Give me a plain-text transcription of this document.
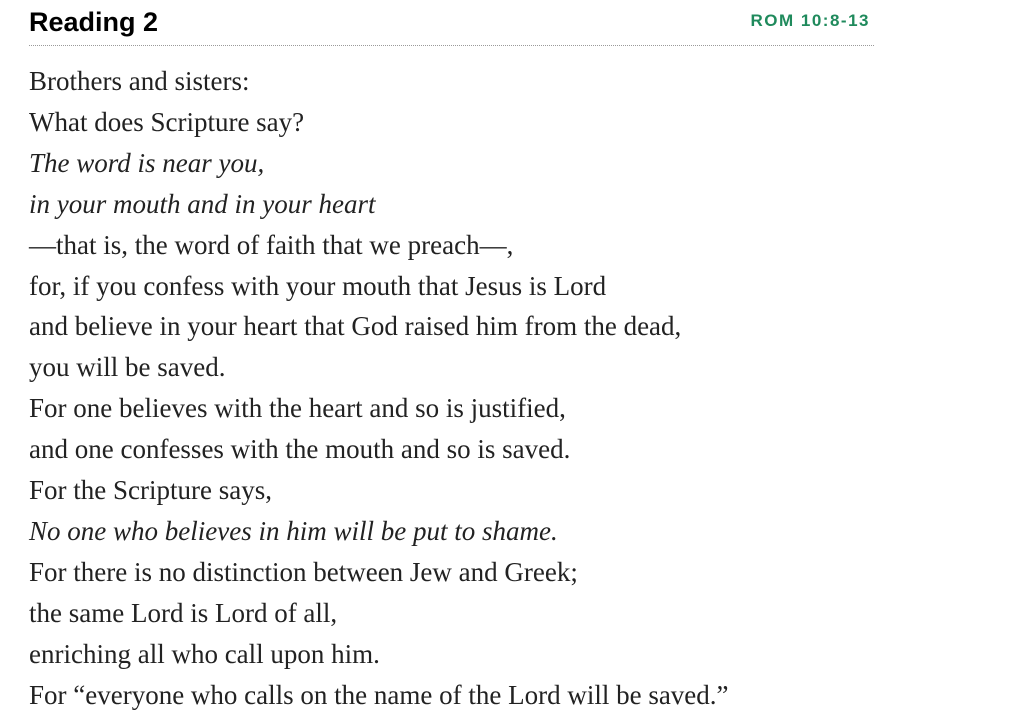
Reading 2	ROM 10:8-13
Brothers and sisters:
What does Scripture say?
The word is near you,
in your mouth and in your heart
—that is, the word of faith that we preach—,
for, if you confess with your mouth that Jesus is Lord
and believe in your heart that God raised him from the dead,
you will be saved.
For one believes with the heart and so is justified,
and one confesses with the mouth and so is saved.
For the Scripture says,
No one who believes in him will be put to shame.
For there is no distinction between Jew and Greek;
the same Lord is Lord of all,
enriching all who call upon him.
For “everyone who calls on the name of the Lord will be saved.”
